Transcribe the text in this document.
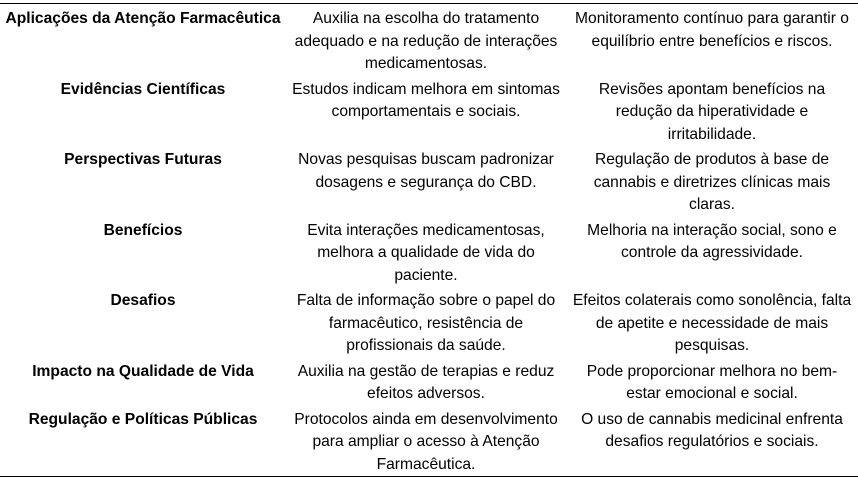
Aplicações da Atenção Farmacêutica	Auxilia na escolha do tratamento adequado e na redução de interações medicamentosas.	Monitoramento contínuo para garantir o equilíbrio entre benefícios e riscos.
Evidências Científicas	Estudos indicam melhora em sintomas comportamentais e sociais.	Revisões apontam benefícios na redução da hiperatividade e irritabilidade.
Perspectivas Futuras	Novas pesquisas buscam padronizar dosagens e segurança do CBD.	Regulação de produtos à base de cannabis e diretrizes clínicas mais claras.
Benefícios	Evita interações medicamentosas, melhora a qualidade de vida do paciente.	Melhoria na interação social, sono e controle da agressividade.
Desafios	Falta de informação sobre o papel do farmacêutico, resistência de profissionais da saúde.	Efeitos colaterais como sonolência, falta de apetite e necessidade de mais pesquisas.
Impacto na Qualidade de Vida	Auxilia na gestão de terapias e reduz efeitos adversos.	Pode proporcionar melhora no bem-estar emocional e social.
Regulação e Políticas Públicas	Protocolos ainda em desenvolvimento para ampliar o acesso à Atenção Farmacêutica.	O uso de cannabis medicinal enfrenta desafios regulatórios e sociais.
